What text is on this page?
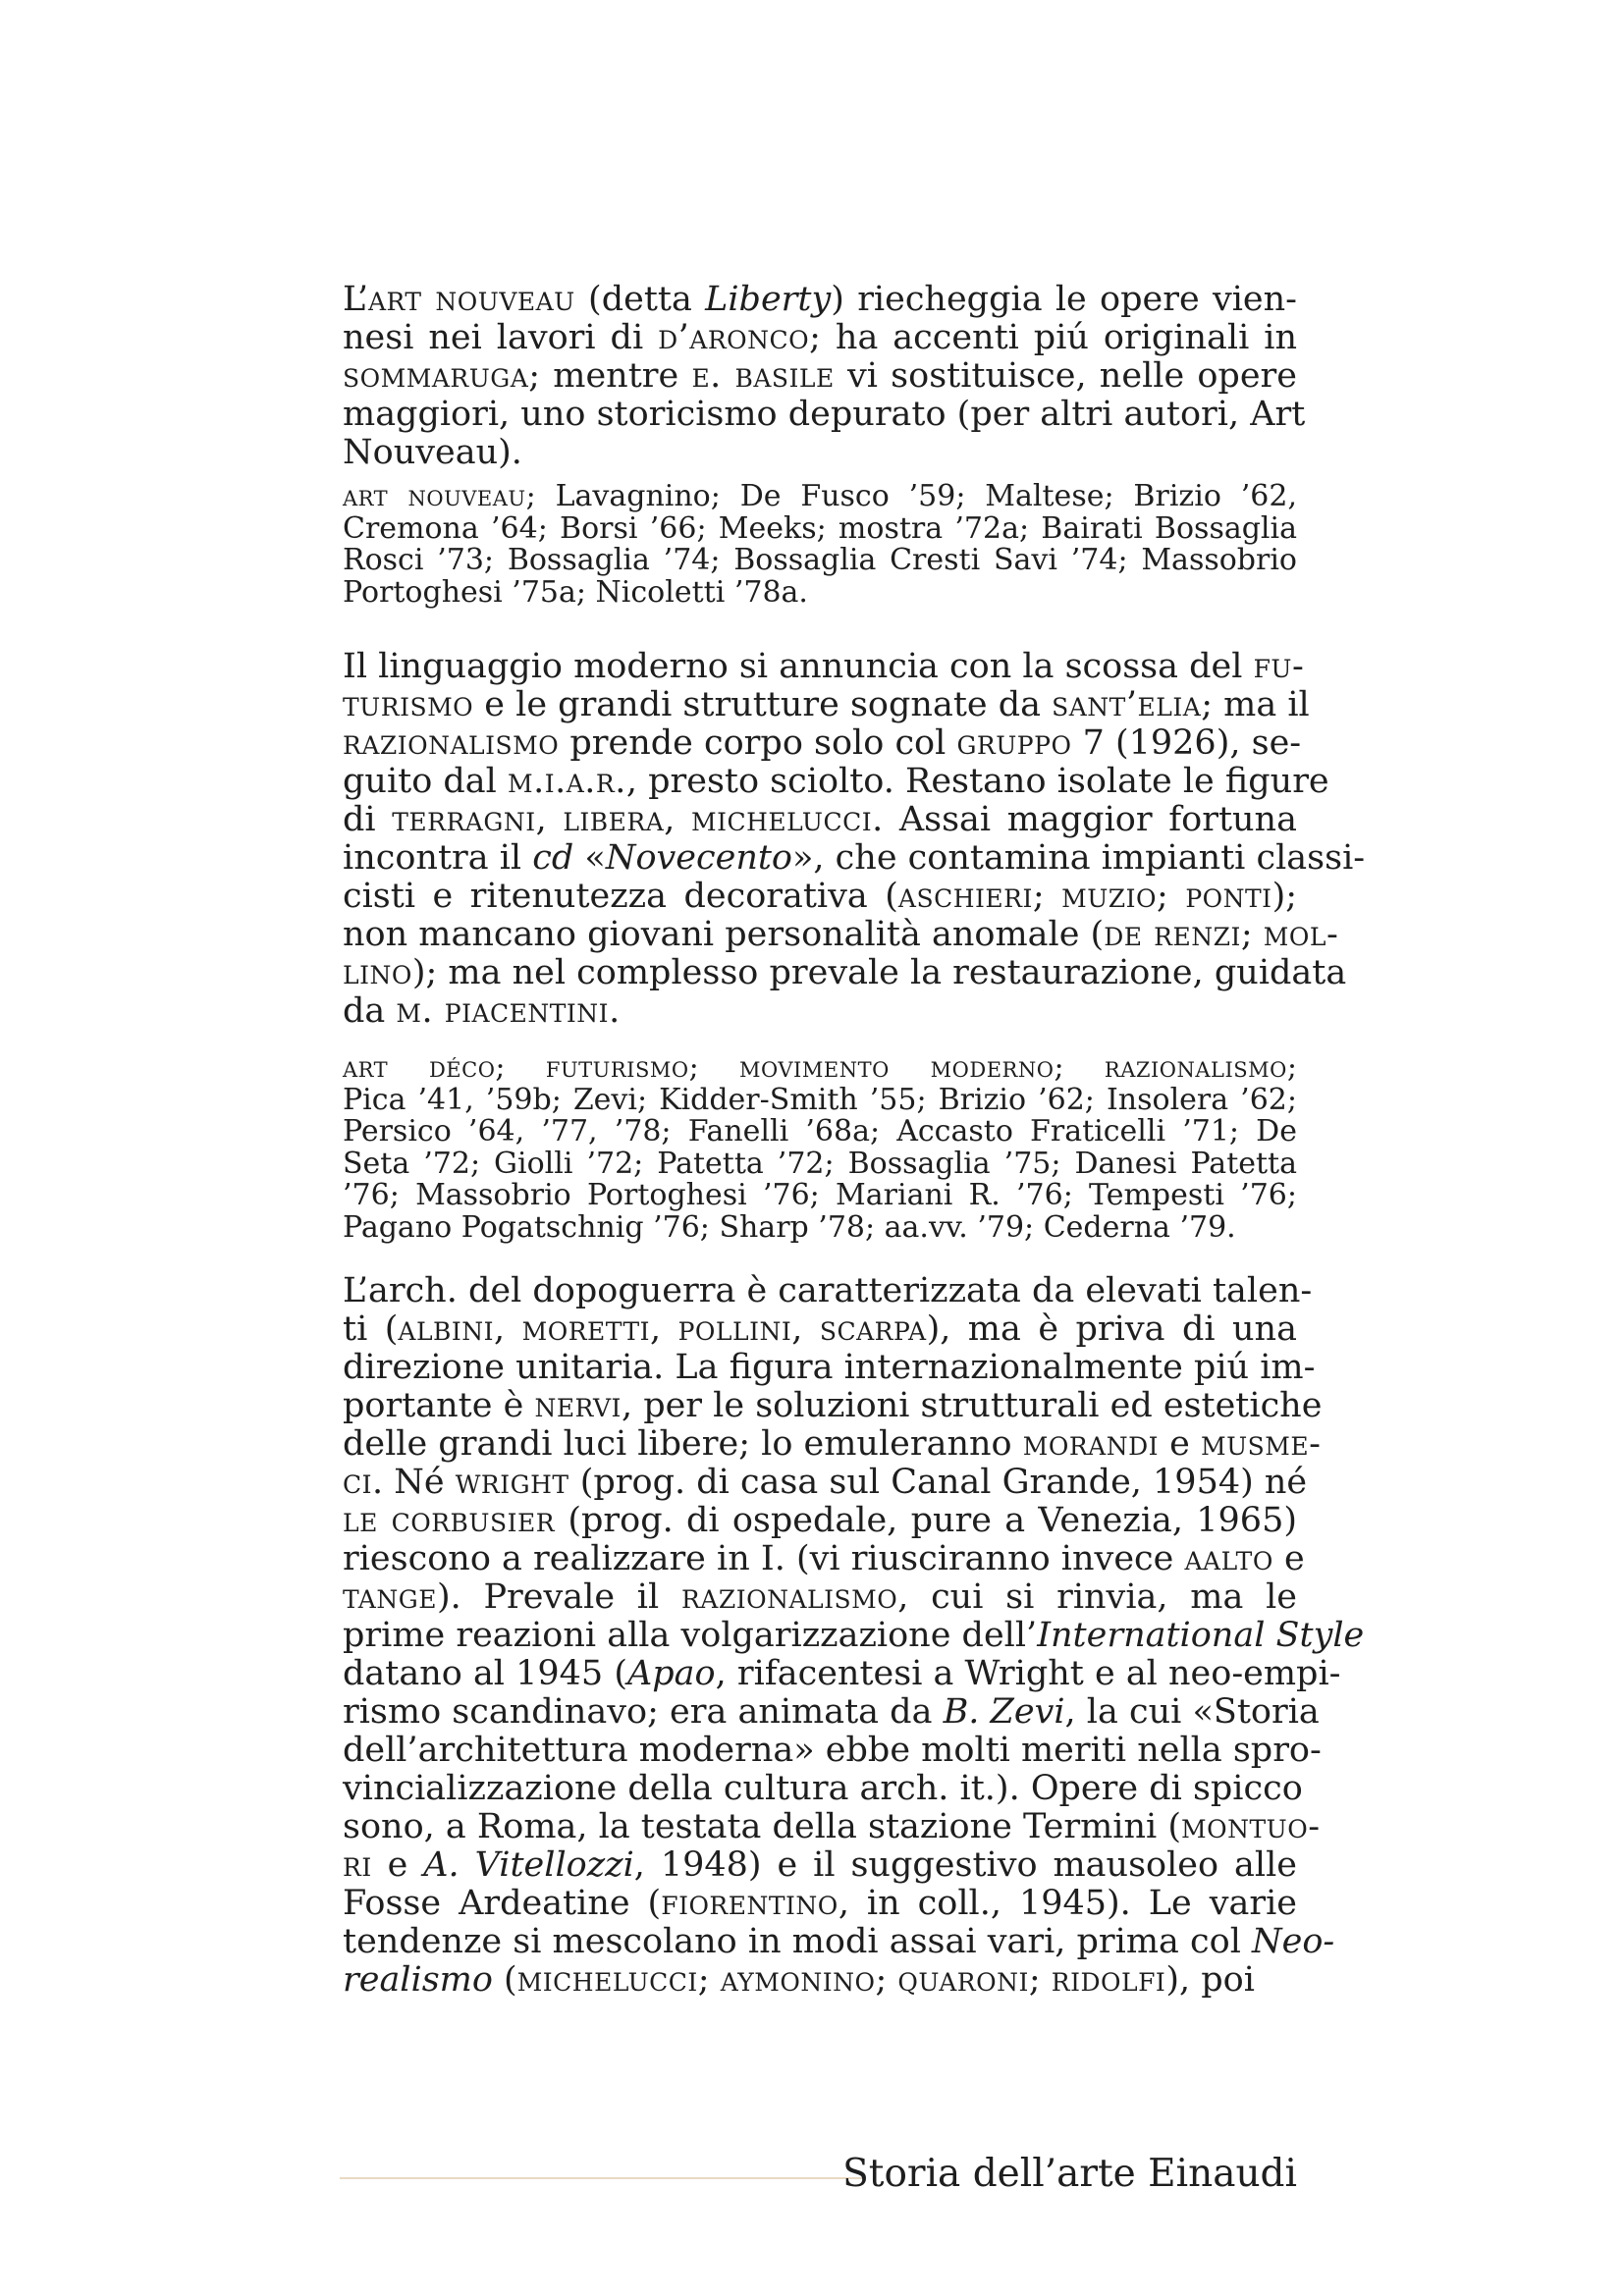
L’art nouveau (detta Liberty) riecheggia le opere vien-
nesi nei lavori di d’aronco; ha accenti piú originali in
sommaruga; mentre e. basile vi sostituisce, nelle opere
maggiori, uno storicismo depurato (per altri autori, Art
Nouveau).
art nouveau; Lavagnino; De Fusco ’59; Maltese; Brizio ’62,
Cremona ’64; Borsi ’66; Meeks; mostra ’72a; Bairati Bossaglia
Rosci ’73; Bossaglia ’74; Bossaglia Cresti Savi ’74; Massobrio
Portoghesi ’75a; Nicoletti ’78a.
Il linguaggio moderno si annuncia con la scossa del fu-
turismo e le grandi strutture sognate da sant’elia; ma il
razionalismo prende corpo solo col gruppo 7 (1926), se-
guito dal m.i.a.r., presto sciolto. Restano isolate le figure
di terragni, libera, michelucci. Assai maggior fortuna
incontra il cd «Novecento», che contamina impianti classi-
cisti e ritenutezza decorativa (aschieri; muzio; ponti);
non mancano giovani personalità anomale (de renzi; mol-
lino); ma nel complesso prevale la restaurazione, guidata
da m. piacentini.
art déco; futurismo; movimento moderno; razionalismo;
Pica ’41, ’59b; Zevi; Kidder-Smith ’55; Brizio ’62; Insolera ’62;
Persico ’64, ’77, ’78; Fanelli ’68a; Accasto Fraticelli ’71; De
Seta ’72; Giolli ’72; Patetta ’72; Bossaglia ’75; Danesi Patetta
’76; Massobrio Portoghesi ’76; Mariani R. ’76; Tempesti ’76;
Pagano Pogatschnig ’76; Sharp ’78; aa.vv. ’79; Cederna ’79.
L’arch. del dopoguerra è caratterizzata da elevati talen-
ti (albini, moretti, pollini, scarpa), ma è priva di una
direzione unitaria. La figura internazionalmente piú im-
portante è nervi, per le soluzioni strutturali ed estetiche
delle grandi luci libere; lo emuleranno morandi e musme-
ci. Né wright (prog. di casa sul Canal Grande, 1954) né
le corbusier (prog. di ospedale, pure a Venezia, 1965)
riescono a realizzare in I. (vi riusciranno invece aalto e
tange). Prevale il razionalismo, cui si rinvia, ma le
prime reazioni alla volgarizzazione dell’International Style
datano al 1945 (Apao, rifacentesi a Wright e al neo-empi-
rismo scandinavo; era animata da B. Zevi, la cui «Storia
dell’architettura moderna» ebbe molti meriti nella spro-
vincializzazione della cultura arch. it.). Opere di spicco
sono, a Roma, la testata della stazione Termini (montuo-
ri e A. Vitellozzi, 1948) e il suggestivo mausoleo alle
Fosse Ardeatine (fiorentino, in coll., 1945). Le varie
tendenze si mescolano in modi assai vari, prima col Neo-
realismo (michelucci; aymonino; quaroni; ridolfi), poi
Storia dell’arte Einaudi
